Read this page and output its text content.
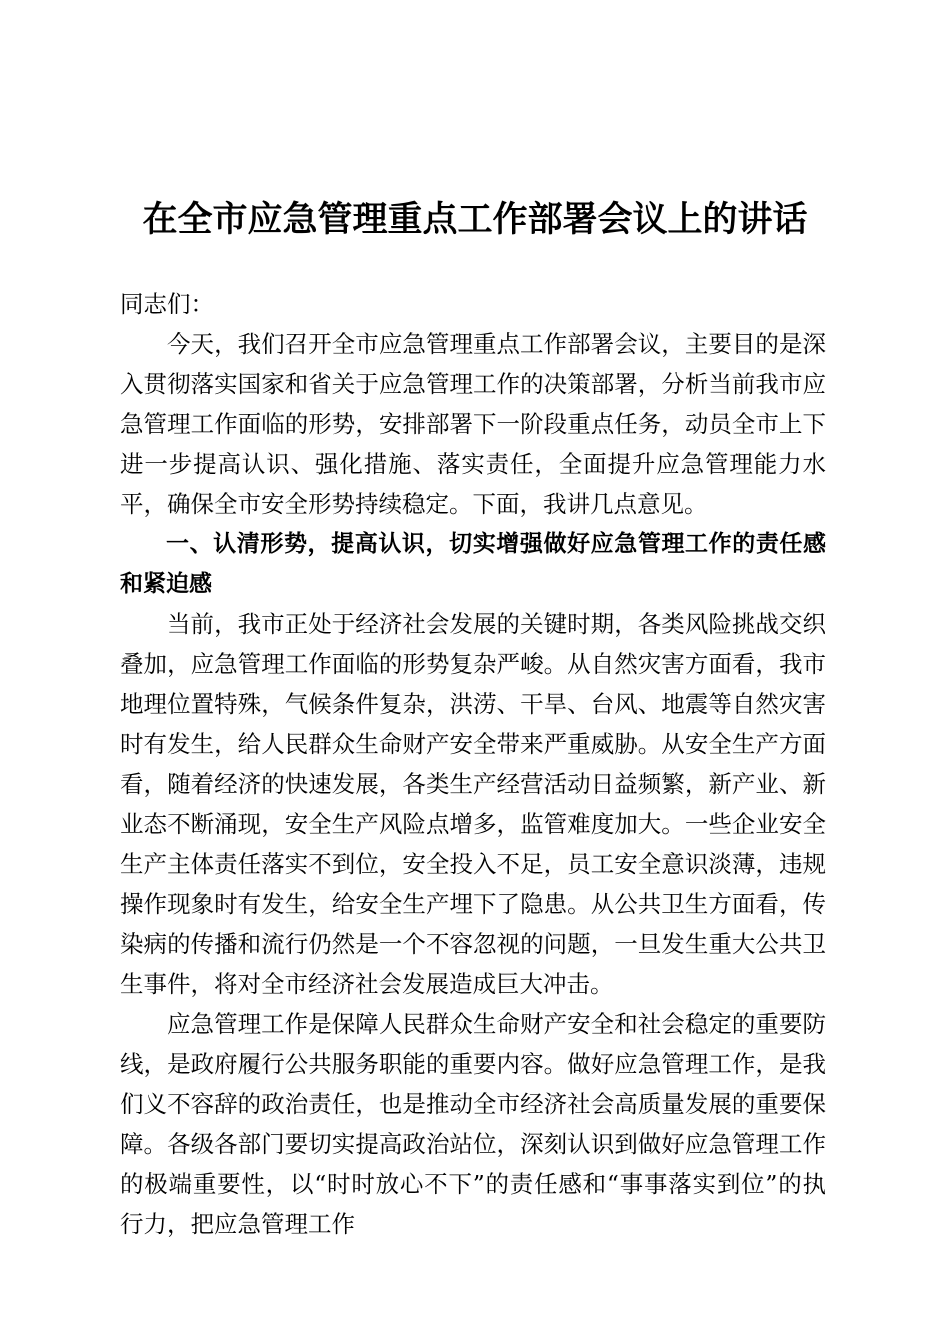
在全市应急管理重点工作部署会议上的讲话

同志们：

今天，我们召开全市应急管理重点工作部署会议，主要目的是深入贯彻落实国家和省关于应急管理工作的决策部署，分析当前我市应急管理工作面临的形势，安排部署下一阶段重点任务，动员全市上下进一步提高认识、强化措施、落实责任，全面提升应急管理能力水平，确保全市安全形势持续稳定。下面，我讲几点意见。

一、认清形势，提高认识，切实增强做好应急管理工作的责任感和紧迫感

当前，我市正处于经济社会发展的关键时期，各类风险挑战交织叠加，应急管理工作面临的形势复杂严峻。从自然灾害方面看，我市地理位置特殊，气候条件复杂，洪涝、干旱、台风、地震等自然灾害时有发生，给人民群众生命财产安全带来严重威胁。从安全生产方面看，随着经济的快速发展，各类生产经营活动日益频繁，新产业、新业态不断涌现，安全生产风险点增多，监管难度加大。一些企业安全生产主体责任落实不到位，安全投入不足，员工安全意识淡薄，违规操作现象时有发生，给安全生产埋下了隐患。从公共卫生方面看，传染病的传播和流行仍然是一个不容忽视的问题，一旦发生重大公共卫生事件，将对全市经济社会发展造成巨大冲击。

应急管理工作是保障人民群众生命财产安全和社会稳定的重要防线，是政府履行公共服务职能的重要内容。做好应急管理工作，是我们义不容辞的政治责任，也是推动全市经济社会高质量发展的重要保障。各级各部门要切实提高政治站位，深刻认识到做好应急管理工作的极端重要性，以“时时放心不下”的责任感和“事事落实到位”的执行力，把应急管理工作
